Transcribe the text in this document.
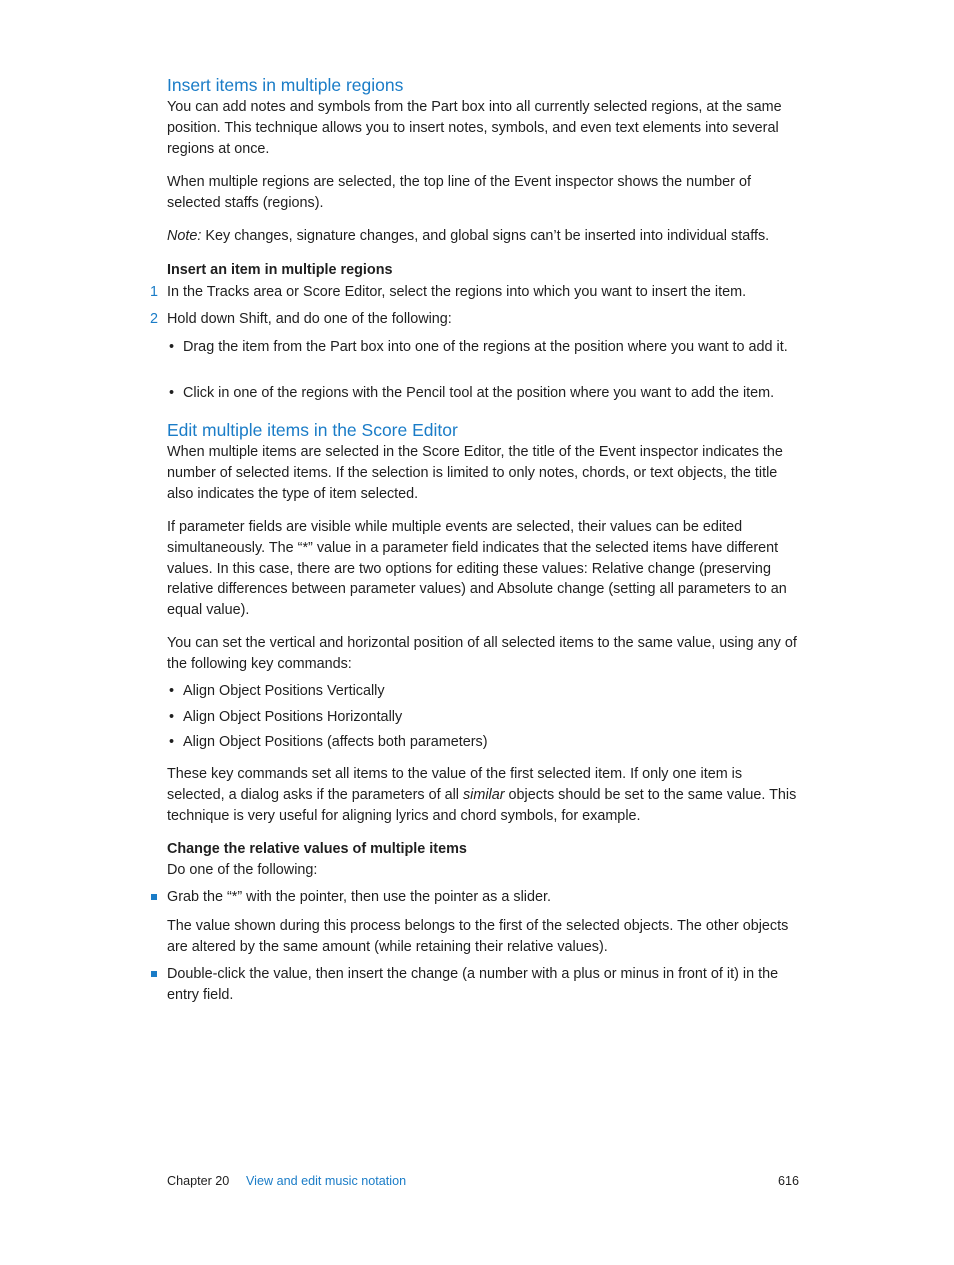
Insert items in multiple regions

You can add notes and symbols from the Part box into all currently selected regions, at the same position. This technique allows you to insert notes, symbols, and even text elements into several regions at once.

When multiple regions are selected, the top line of the Event inspector shows the number of selected staffs (regions).

Note: Key changes, signature changes, and global signs can’t be inserted into individual staffs.

Insert an item in multiple regions

1 In the Tracks area or Score Editor, select the regions into which you want to insert the item.

2 Hold down Shift, and do one of the following:

• Drag the item from the Part box into one of the regions at the position where you want to add it.

• Click in one of the regions with the Pencil tool at the position where you want to add the item.

Edit multiple items in the Score Editor

When multiple items are selected in the Score Editor, the title of the Event inspector indicates the number of selected items. If the selection is limited to only notes, chords, or text objects, the title also indicates the type of item selected.

If parameter fields are visible while multiple events are selected, their values can be edited simultaneously. The “*” value in a parameter field indicates that the selected items have different values. In this case, there are two options for editing these values: Relative change (preserving relative differences between parameter values) and Absolute change (setting all parameters to an equal value).

You can set the vertical and horizontal position of all selected items to the same value, using any of the following key commands:

• Align Object Positions Vertically

• Align Object Positions Horizontally

• Align Object Positions (affects both parameters)

These key commands set all items to the value of the first selected item. If only one item is selected, a dialog asks if the parameters of all similar objects should be set to the same value. This technique is very useful for aligning lyrics and chord symbols, for example.

Change the relative values of multiple items

Do one of the following:

Grab the “*” with the pointer, then use the pointer as a slider.

The value shown during this process belongs to the first of the selected objects. The other objects are altered by the same amount (while retaining their relative values).

Double-click the value, then insert the change (a number with a plus or minus in front of it) in the entry field.

Chapter 20 View and edit music notation	616
